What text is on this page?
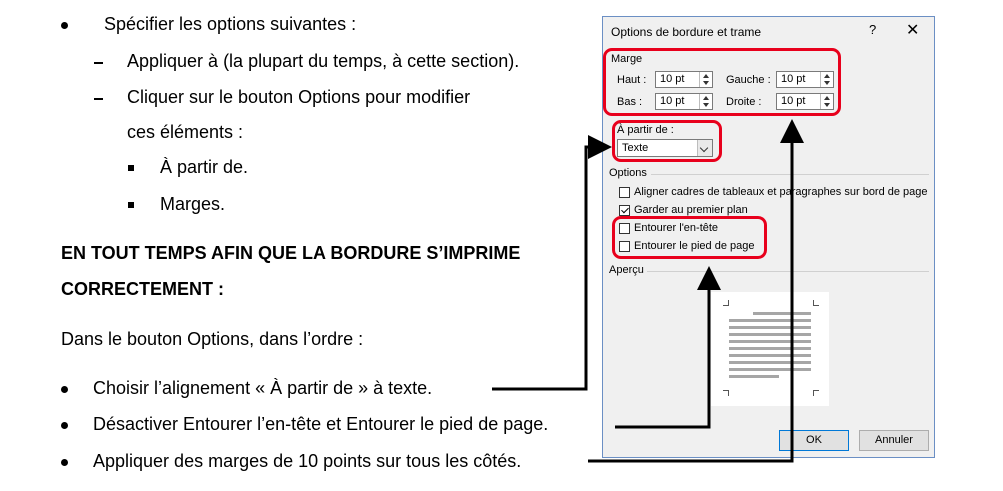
Spécifier les options suivantes :
Appliquer à (la plupart du temps, à cette section).
Cliquer sur le bouton Options pour modifier
ces éléments :
À partir de.
Marges.
EN TOUT TEMPS AFIN QUE LA BORDURE S’IMPRIME
CORRECTEMENT :
Dans le bouton Options, dans l’ordre :
Choisir l’alignement « À partir de » à texte.
Désactiver Entourer l’en-tête et Entourer le pied de page.
Appliquer des marges de 10 points sur tous les côtés.
Options de bordure et trame	? ✕
Marge
Haut : 10 pt	Gauche : 10 pt
Bas : 10 pt	Droite : 10 pt
À partir de :
Texte
Options
Aligner cadres de tableaux et paragraphes sur bord de page
Garder au premier plan
Entourer l'en-tête
Entourer le pied de page
Aperçu
OK	Annuler
